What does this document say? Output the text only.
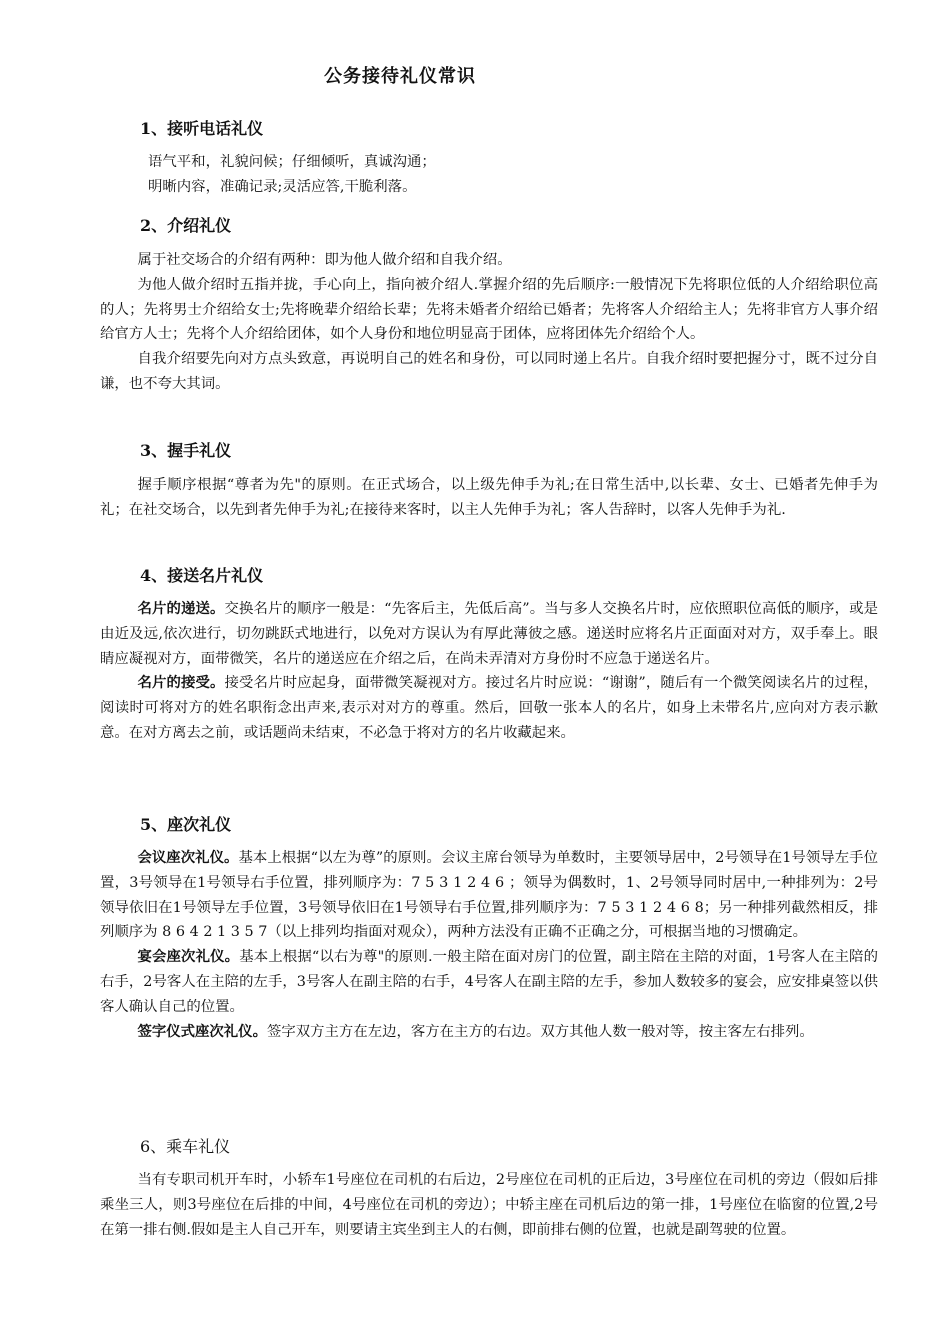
公务接待礼仪常识
1、接听电话礼仪

语气平和，礼貌问候；仔细倾听，真诚沟通；

明晰内容，准确记录;灵活应答,干脆利落。

2、介绍礼仪

属于社交场合的介绍有两种：即为他人做介绍和自我介绍。

为他人做介绍时五指并拢，手心向上，指向被介绍人.掌握介绍的先后顺序:一般情况下先将职位低的人介绍给职位高的人；先将男士介绍给女士;先将晚辈介绍给长辈；先将未婚者介绍给已婚者；先将客人介绍给主人；先将非官方人事介绍给官方人士；先将个人介绍给团体，如个人身份和地位明显高于团体，应将团体先介绍给个人。

自我介绍要先向对方点头致意，再说明自己的姓名和身份，可以同时递上名片。自我介绍时要把握分寸，既不过分自谦，也不夸大其词。

3、握手礼仪

握手顺序根据“尊者为先"的原则。在正式场合，以上级先伸手为礼;在日常生活中,以长辈、女士、已婚者先伸手为礼；在社交场合，以先到者先伸手为礼;在接待来客时，以主人先伸手为礼；客人告辞时，以客人先伸手为礼.

4、接送名片礼仪

名片的递送。交换名片的顺序一般是：“先客后主，先低后高”。当与多人交换名片时，应依照职位高低的顺序，或是由近及远,依次进行，切勿跳跃式地进行，以免对方误认为有厚此薄彼之感。递送时应将名片正面面对对方，双手奉上。眼睛应凝视对方，面带微笑，名片的递送应在介绍之后，在尚未弄清对方身份时不应急于递送名片。

名片的接受。接受名片时应起身，面带微笑凝视对方。接过名片时应说：“谢谢”，随后有一个微笑阅读名片的过程，阅读时可将对方的姓名职衔念出声来,表示对对方的尊重。然后，回敬一张本人的名片，如身上未带名片,应向对方表示歉意。在对方离去之前，或话题尚未结束，不必急于将对方的名片收藏起来。

5、座次礼仪

会议座次礼仪。基本上根据“以左为尊”的原则。会议主席台领导为单数时，主要领导居中，2号领导在1号领导左手位置，3号领导在1号领导右手位置，排列顺序为：7 5 3 1 2 4 6 ；领导为偶数时，1、2号领导同时居中,一种排列为：2号领导依旧在1号领导左手位置，3号领导依旧在1号领导右手位置,排列顺序为：7 5 3 1 2 4 6 8；另一种排列截然相反，排列顺序为 8 6 4 2 1 3 5 7（以上排列均指面对观众），两种方法没有正确不正确之分，可根据当地的习惯确定。

宴会座次礼仪。基本上根据“以右为尊"的原则.一般主陪在面对房门的位置，副主陪在主陪的对面，1号客人在主陪的右手，2号客人在主陪的左手，3号客人在副主陪的右手，4号客人在副主陪的左手，参加人数较多的宴会，应安排桌签以供客人确认自己的位置。

签字仪式座次礼仪。签字双方主方在左边，客方在主方的右边。双方其他人数一般对等，按主客左右排列。

6、乘车礼仪

当有专职司机开车时，小轿车1号座位在司机的右后边，2号座位在司机的正后边，3号座位在司机的旁边（假如后排乘坐三人，则3号座位在后排的中间，4号座位在司机的旁边）；中轿主座在司机后边的第一排，1号座位在临窗的位置,2号在第一排右侧.假如是主人自己开车，则要请主宾坐到主人的右侧，即前排右侧的位置，也就是副驾驶的位置。
